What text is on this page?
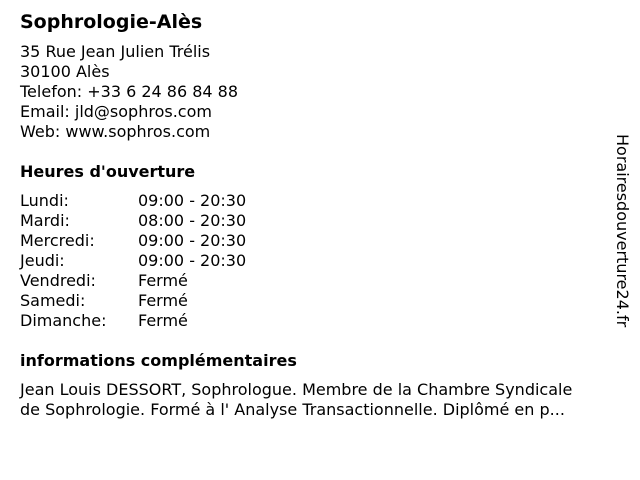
Sophrologie-Alès
35 Rue Jean Julien Trélis
30100 Alès
Telefon: +33 6 24 86 84 88
Email: jld@sophros.com
Web: www.sophros.com
Heures d'ouverture
Lundi:	09:00 - 20:30
Mardi:	08:00 - 20:30
Mercredi:	09:00 - 20:30
Jeudi:	09:00 - 20:30
Vendredi:	Fermé
Samedi:	Fermé
Dimanche:	Fermé
informations complémentaires
Jean Louis DESSORT, Sophrologue. Membre de la Chambre Syndicale
de Sophrologie. Formé à l' Analyse Transactionnelle. Diplômé en p...
Horairesdouverture24.fr
